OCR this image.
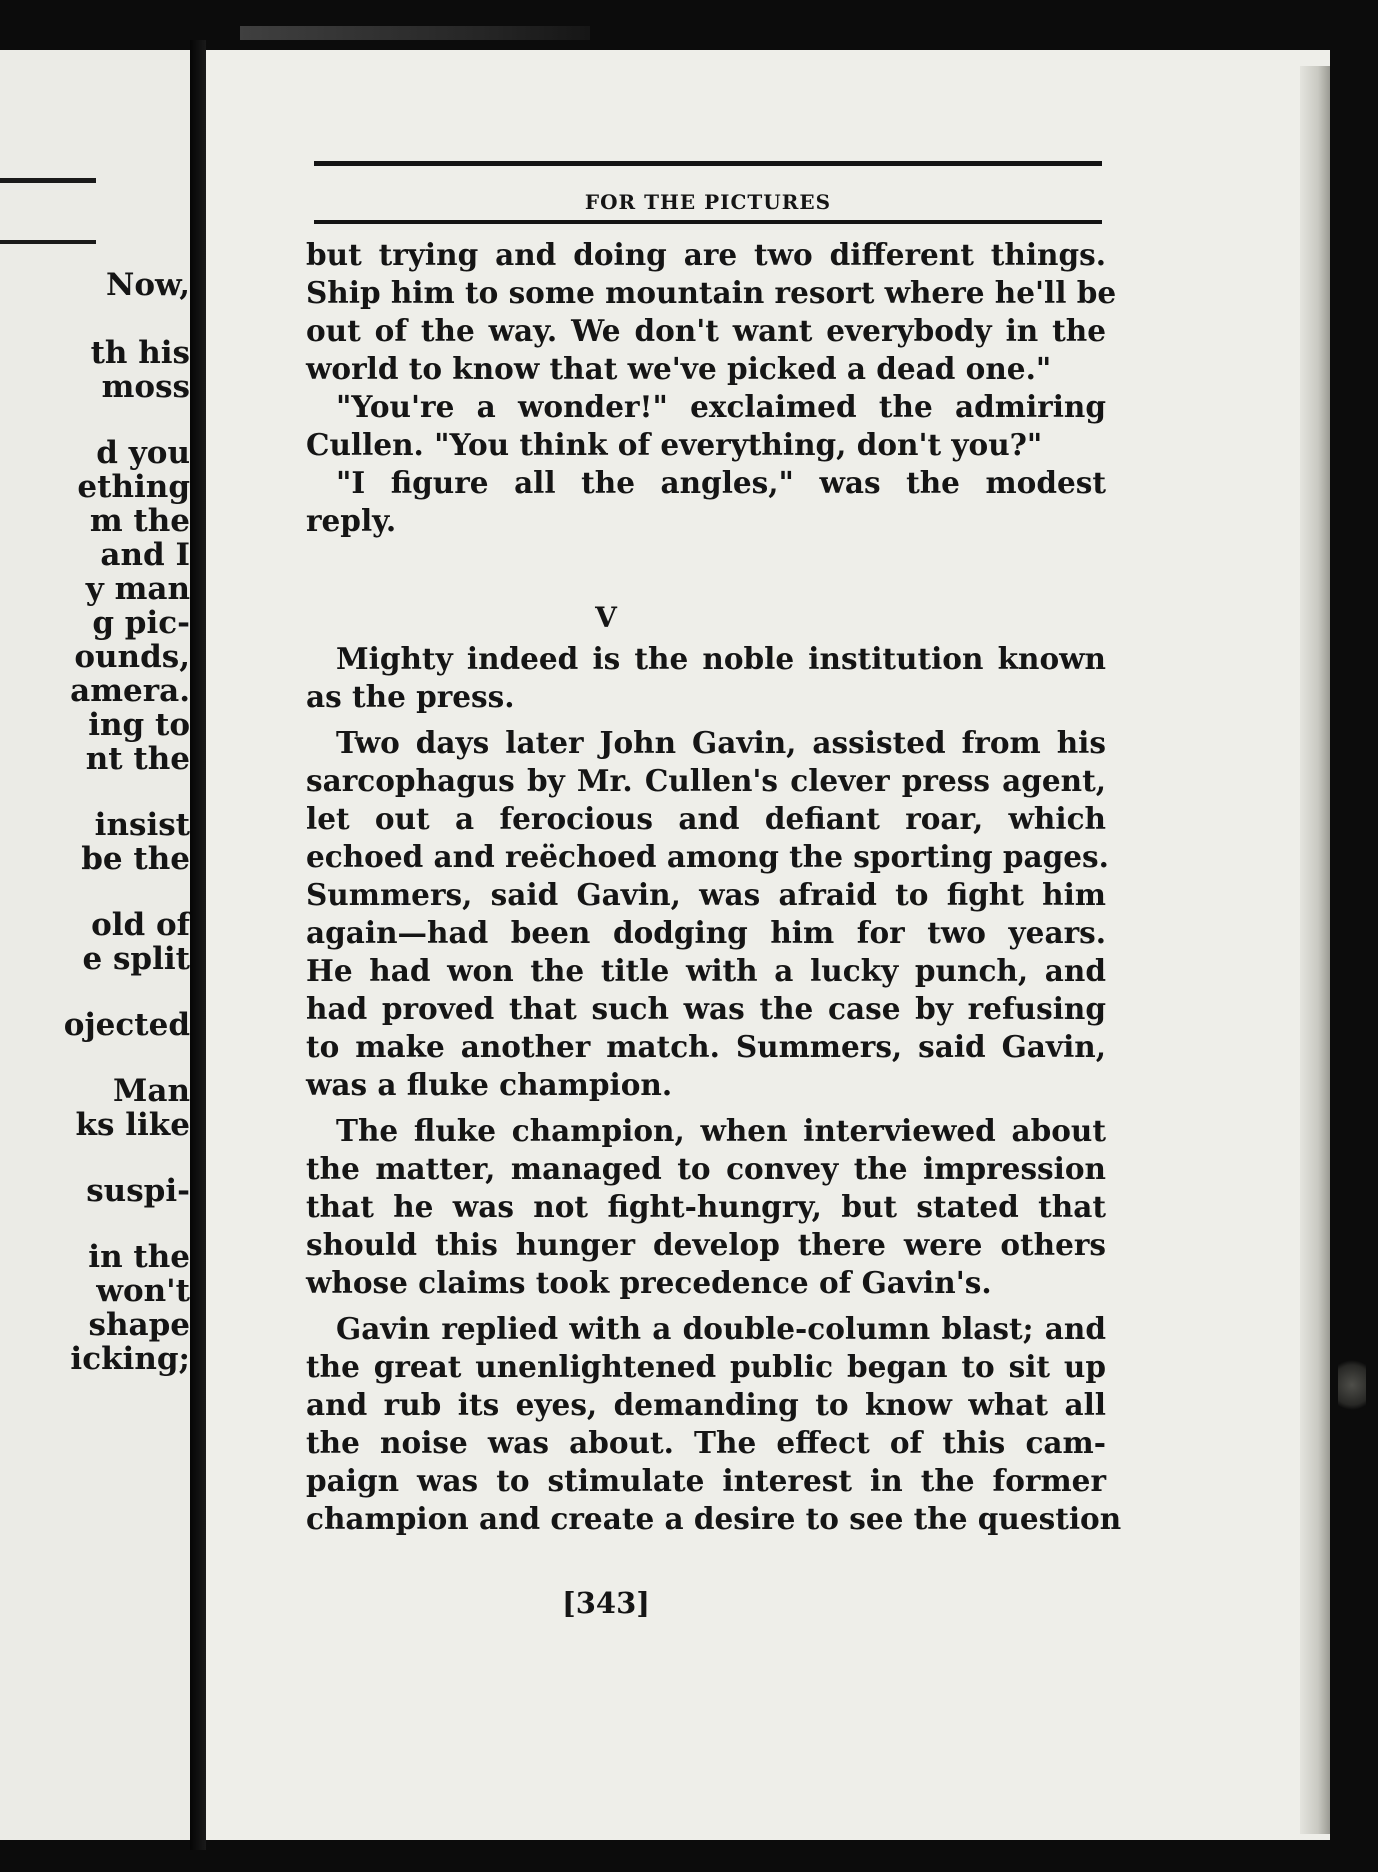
Now,
th his
moss
d you
ething
m the
and I
y man
g pic-
ounds,
amera.
ing to
nt the
insist
be the
old of
e split
ojected
Man
ks like
suspi-
in the
won't
shape
icking;
FOR THE PICTURES
but trying and doing are two different things.
Ship him to some mountain resort where he'll be
out of the way. We don't want everybody in the
world to know that we've picked a dead one."
"You're a wonder!" exclaimed the admiring
Cullen. "You think of everything, don't you?"
"I figure all the angles," was the modest
reply.
Mighty indeed is the noble institution known
as the press.
Two days later John Gavin, assisted from his
sarcophagus by Mr. Cullen's clever press agent,
let out a ferocious and defiant roar, which
echoed and reëchoed among the sporting pages.
Summers, said Gavin, was afraid to fight him
again—had been dodging him for two years.
He had won the title with a lucky punch, and
had proved that such was the case by refusing
to make another match. Summers, said Gavin,
was a fluke champion.
The fluke champion, when interviewed about
the matter, managed to convey the impression
that he was not fight-hungry, but stated that
should this hunger develop there were others
whose claims took precedence of Gavin's.
Gavin replied with a double-column blast; and
the great unenlightened public began to sit up
and rub its eyes, demanding to know what all
the noise was about. The effect of this cam-
paign was to stimulate interest in the former
champion and create a desire to see the question
V
[343]
